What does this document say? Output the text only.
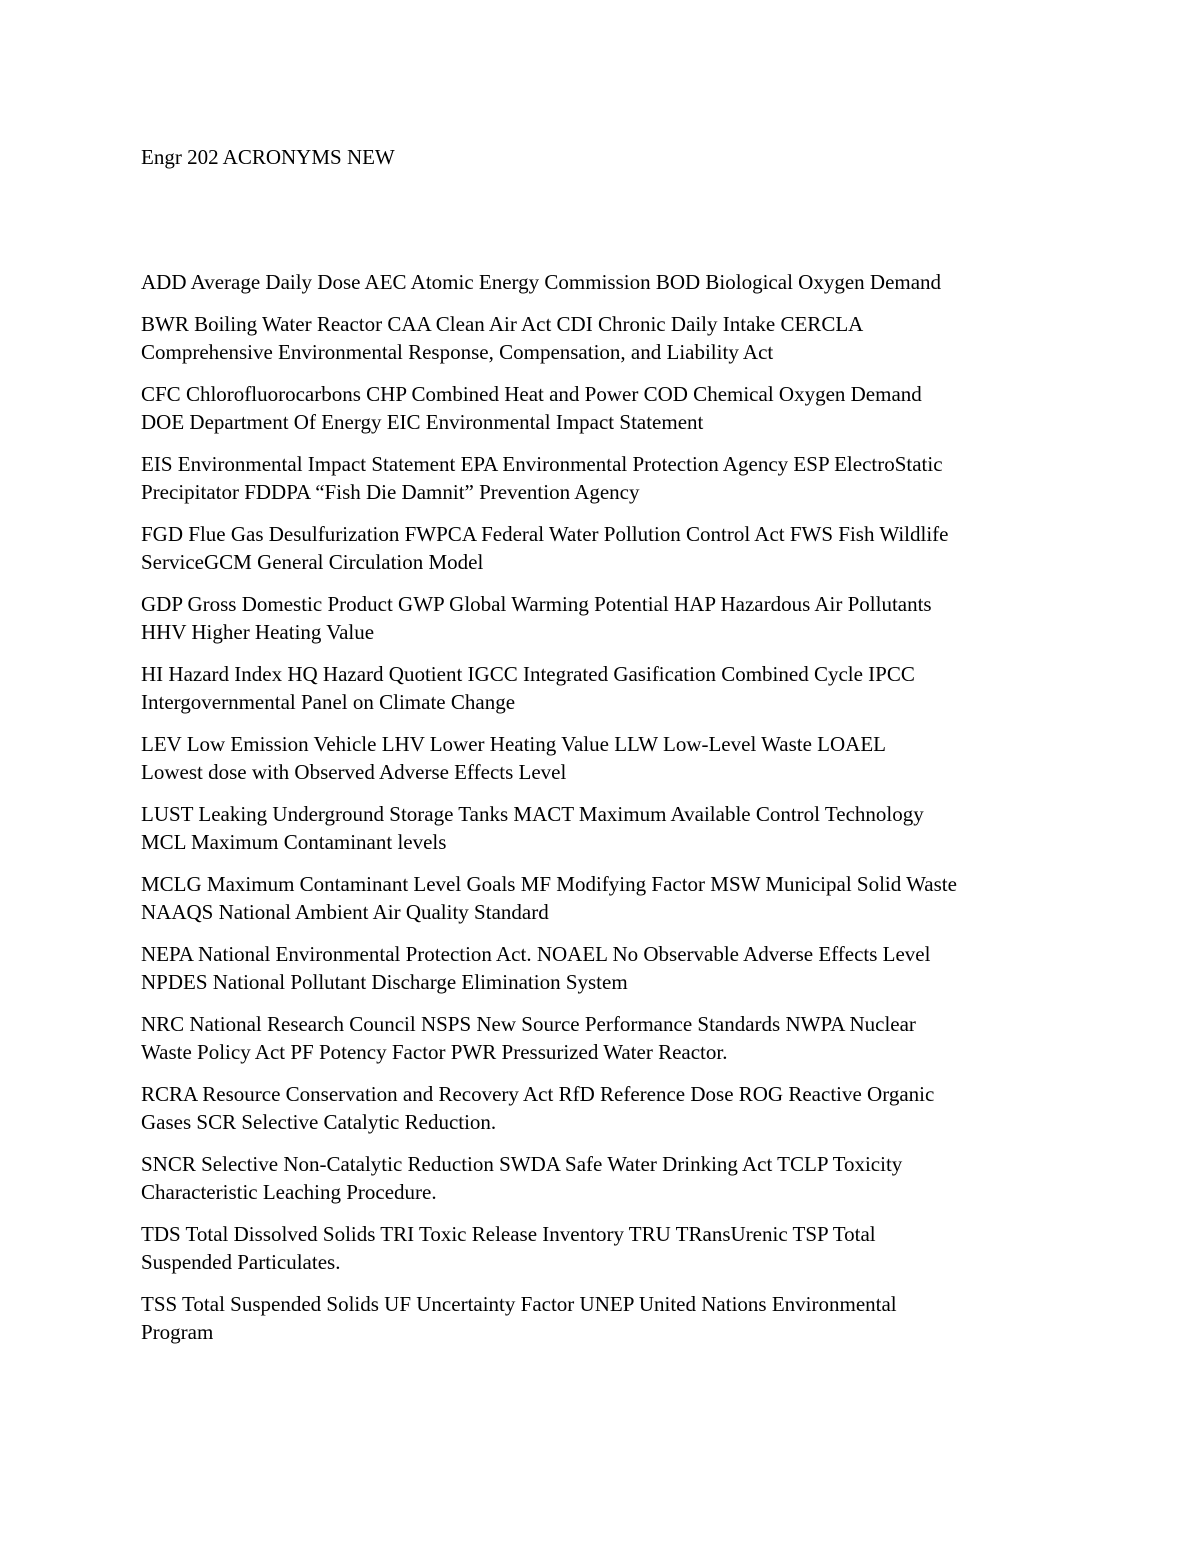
Engr 202 ACRONYMS NEW

ADD Average Daily Dose AEC Atomic Energy Commission BOD Biological Oxygen Demand

BWR Boiling Water Reactor CAA Clean Air Act CDI Chronic Daily Intake CERCLA
Comprehensive Environmental Response, Compensation, and Liability Act

CFC Chlorofluorocarbons CHP Combined Heat and Power COD Chemical Oxygen Demand
DOE Department Of Energy EIC Environmental Impact Statement

EIS Environmental Impact Statement EPA Environmental Protection Agency ESP ElectroStatic
Precipitator FDDPA “Fish Die Damnit” Prevention Agency

FGD Flue Gas Desulfurization FWPCA Federal Water Pollution Control Act FWS Fish Wildlife
ServiceGCM General Circulation Model

GDP Gross Domestic Product GWP Global Warming Potential HAP Hazardous Air Pollutants
HHV Higher Heating Value

HI Hazard Index HQ Hazard Quotient IGCC Integrated Gasification Combined Cycle IPCC
Intergovernmental Panel on Climate Change

LEV Low Emission Vehicle LHV Lower Heating Value LLW Low-Level Waste LOAEL
Lowest dose with Observed Adverse Effects Level

LUST Leaking Underground Storage Tanks MACT Maximum Available Control Technology
MCL Maximum Contaminant levels

MCLG Maximum Contaminant Level Goals MF Modifying Factor MSW Municipal Solid Waste
NAAQS National Ambient Air Quality Standard

NEPA National Environmental Protection Act. NOAEL No Observable Adverse Effects Level
NPDES National Pollutant Discharge Elimination System

NRC National Research Council NSPS New Source Performance Standards NWPA Nuclear
Waste Policy Act PF Potency Factor PWR Pressurized Water Reactor.

RCRA Resource Conservation and Recovery Act RfD Reference Dose ROG Reactive Organic
Gases SCR Selective Catalytic Reduction.

SNCR Selective Non-Catalytic Reduction SWDA Safe Water Drinking Act TCLP Toxicity
Characteristic Leaching Procedure.

TDS Total Dissolved Solids TRI Toxic Release Inventory TRU TRansUrenic TSP Total
Suspended Particulates.

TSS Total Suspended Solids UF Uncertainty Factor UNEP United Nations Environmental
Program
